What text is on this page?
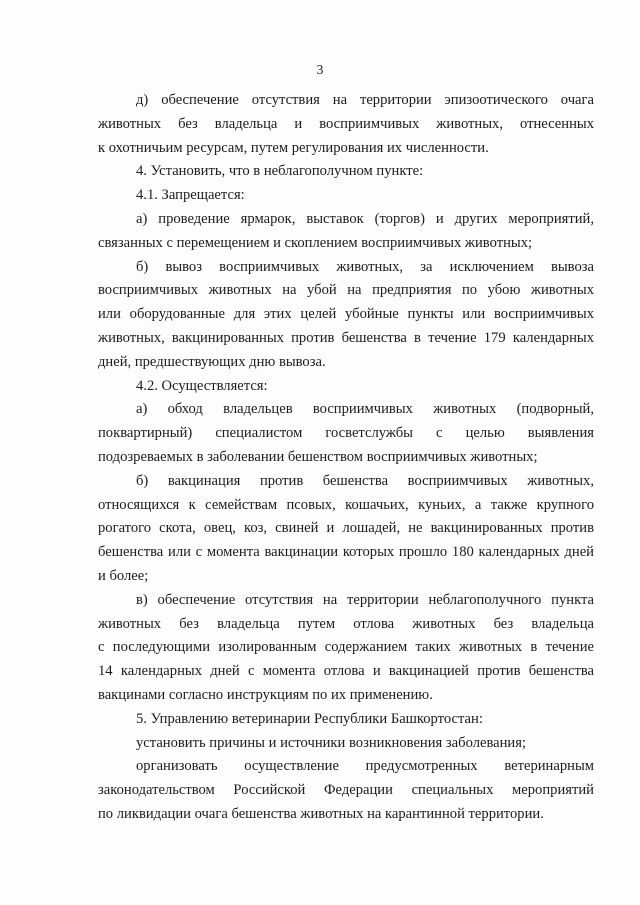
3

д) обеспечение отсутствия на территории эпизоотического очага

животных без владельца и восприимчивых животных, отнесенных

к охотничьим ресурсам, путем регулирования их численности.

4. Установить, что в неблагополучном пункте:

4.1. Запрещается:

а) проведение ярмарок, выставок (торгов) и других мероприятий,

связанных с перемещением и скоплением восприимчивых животных;

б) вывоз восприимчивых животных, за исключением вывоза

восприимчивых животных на убой на предприятия по убою животных

или оборудованные для этих целей убойные пункты или восприимчивых

животных, вакцинированных против бешенства в течение 179 календарных

дней, предшествующих дню вывоза.

4.2. Осуществляется:

а) обход владельцев восприимчивых животных (подворный,

поквартирный) специалистом госветслужбы с целью выявления

подозреваемых в заболевании бешенством восприимчивых животных;

б) вакцинация против бешенства восприимчивых животных,

относящихся к семействам псовых, кошачьих, куньих, а также крупного

рогатого скота, овец, коз, свиней и лошадей, не вакцинированных против

бешенства или с момента вакцинации которых прошло 180 календарных дней

и более;

в) обеспечение отсутствия на территории неблагополучного пункта

животных без владельца путем отлова животных без владельца

с последующими изолированным содержанием таких животных в течение

14 календарных дней с момента отлова и вакцинацией против бешенства

вакцинами согласно инструкциям по их применению.

5. Управлению ветеринарии Республики Башкортостан:

установить причины и источники возникновения заболевания;

организовать осуществление предусмотренных ветеринарным

законодательством Российской Федерации специальных мероприятий

по ликвидации очага бешенства животных на карантинной территории.
